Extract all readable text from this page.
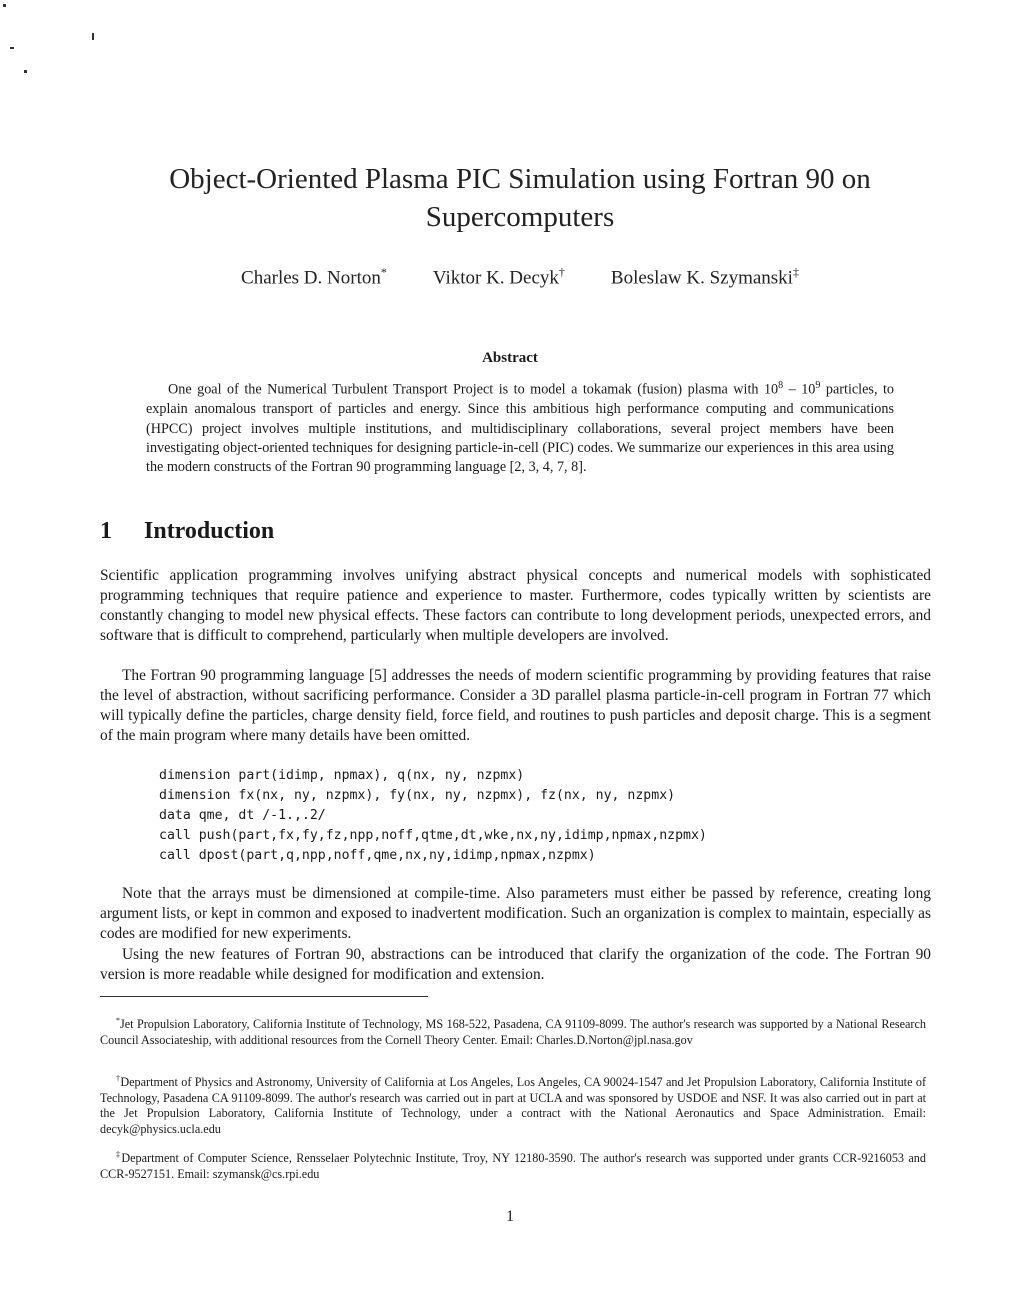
Object-Oriented Plasma PIC Simulation using Fortran 90 on
Supercomputers
Charles D. Norton* Viktor K. Decyk† Boleslaw K. Szymanski‡
Abstract

One goal of the Numerical Turbulent Transport Project is to model a tokamak (fusion) plasma with $10^8 - 10^9$ particles, to explain anomalous transport of particles and energy. Since this ambitious high performance computing and communications (HPCC) project involves multiple institutions, and multidisciplinary collaborations, several project members have been investigating object-oriented techniques for designing particle-in-cell (PIC) codes. We summarize our experiences in this area using the modern constructs of the Fortran 90 programming language [2, 3, 4, 7, 8].

1 Introduction

Scientific application programming involves unifying abstract physical concepts and numerical models with sophisticated programming techniques that require patience and experience to master. Furthermore, codes typically written by scientists are constantly changing to model new physical effects. These factors can contribute to long development periods, unexpected errors, and software that is difficult to comprehend, particularly when multiple developers are involved.

The Fortran 90 programming language [5] addresses the needs of modern scientific programming by providing features that raise the level of abstraction, without sacrificing performance. Consider a 3D parallel plasma particle-in-cell program in Fortran 77 which will typically define the particles, charge density field, force field, and routines to push particles and deposit charge. This is a segment of the main program where many details have been omitted.

dimension part(idimp, npmax), q(nx, ny, nzpmx)
dimension fx(nx, ny, nzpmx), fy(nx, ny, nzpmx), fz(nx, ny, nzpmx)
data qme, dt /-1.,.2/
call push(part,fx,fy,fz,npp,noff,qtme,dt,wke,nx,ny,idimp,npmax,nzpmx)
call dpost(part,q,npp,noff,qme,nx,ny,idimp,npmax,nzpmx)

Note that the arrays must be dimensioned at compile-time. Also parameters must either be passed by reference, creating long argument lists, or kept in common and exposed to inadvertent modification. Such an organization is complex to maintain, especially as codes are modified for new experiments.

Using the new features of Fortran 90, abstractions can be introduced that clarify the organization of the code. The Fortran 90 version is more readable while designed for modification and extension.

*Jet Propulsion Laboratory, California Institute of Technology, MS 168-522, Pasadena, CA 91109-8099. The author's research was supported by a National Research Council Associateship, with additional resources from the Cornell Theory Center. Email: Charles.D.Norton@jpl.nasa.gov

†Department of Physics and Astronomy, University of California at Los Angeles, Los Angeles, CA 90024-1547 and Jet Propulsion Laboratory, California Institute of Technology, Pasadena CA 91109-8099. The author's research was carried out in part at UCLA and was sponsored by USDOE and NSF. It was also carried out in part at the Jet Propulsion Laboratory, California Institute of Technology, under a contract with the National Aeronautics and Space Administration. Email: decyk@physics.ucla.edu

‡Department of Computer Science, Rensselaer Polytechnic Institute, Troy, NY 12180-3590. The author's research was supported under grants CCR-9216053 and CCR-9527151. Email: szymansk@cs.rpi.edu

1
